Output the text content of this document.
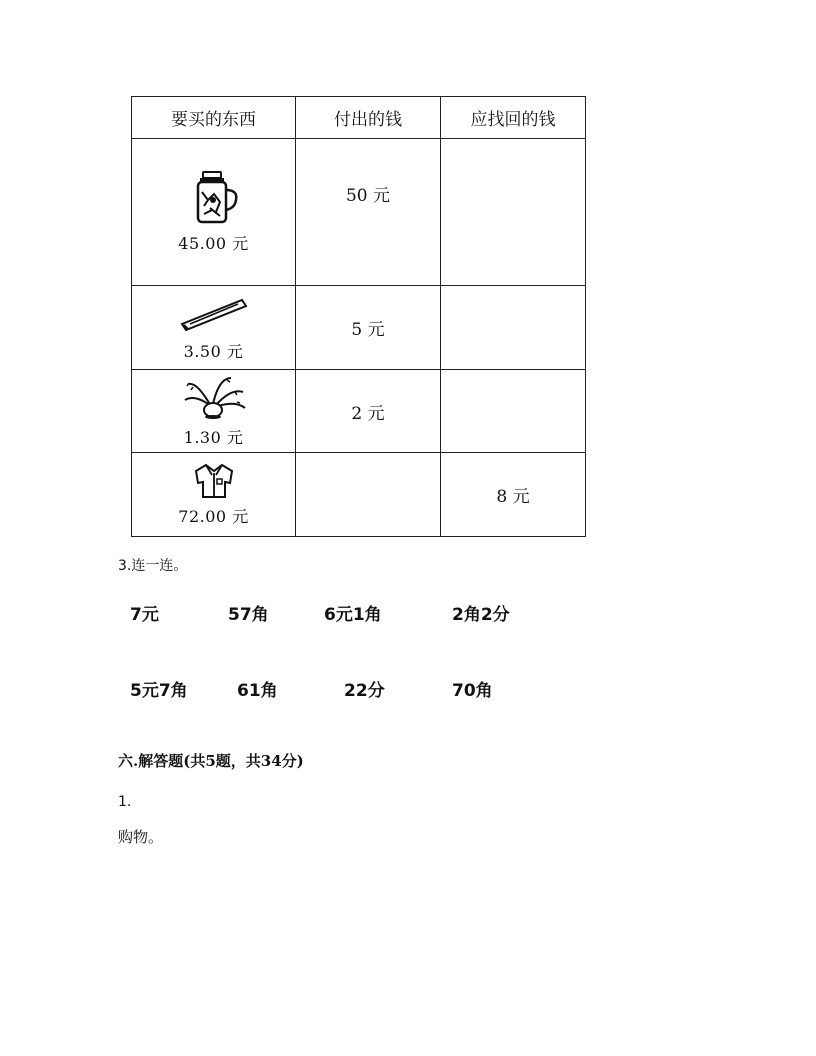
要买的东西	付出的钱	应找回的钱

45.00 元	50 元	

3.50 元	5 元	

1.30 元	2 元	

72.00 元		8 元
3.连一连。
7元	57角	6元1角	2角2分
5元7角	61角	22分	70角
六.解答题(共5题，共34分)
1.
购物。
